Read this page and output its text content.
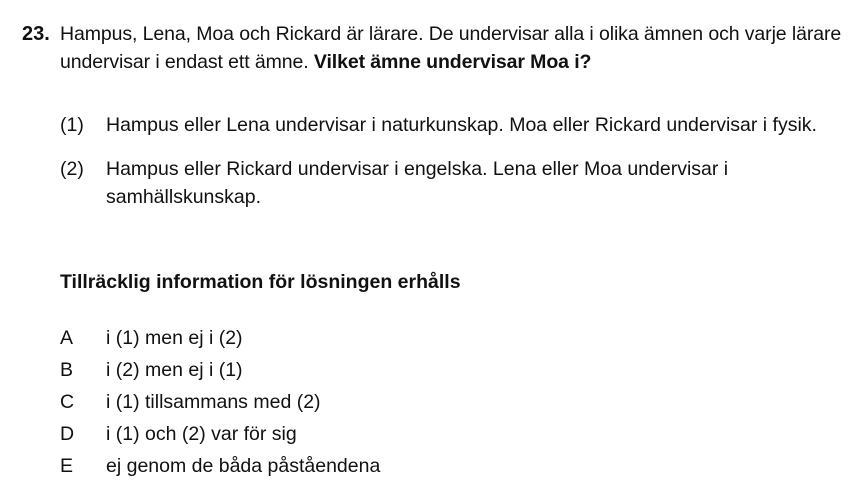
23. Hampus, Lena, Moa och Rickard är lärare. De undervisar alla i olika ämnen och varje lärare undervisar i endast ett ämne. Vilket ämne undervisar Moa i?
(1) Hampus eller Lena undervisar i naturkunskap. Moa eller Rickard undervisar i fysik.
(2) Hampus eller Rickard undervisar i engelska. Lena eller Moa undervisar i samhällskunskap.
Tillräcklig information för lösningen erhålls
A i (1) men ej i (2)
B i (2) men ej i (1)
C i (1) tillsammans med (2)
D i (1) och (2) var för sig
E ej genom de båda påståendena
